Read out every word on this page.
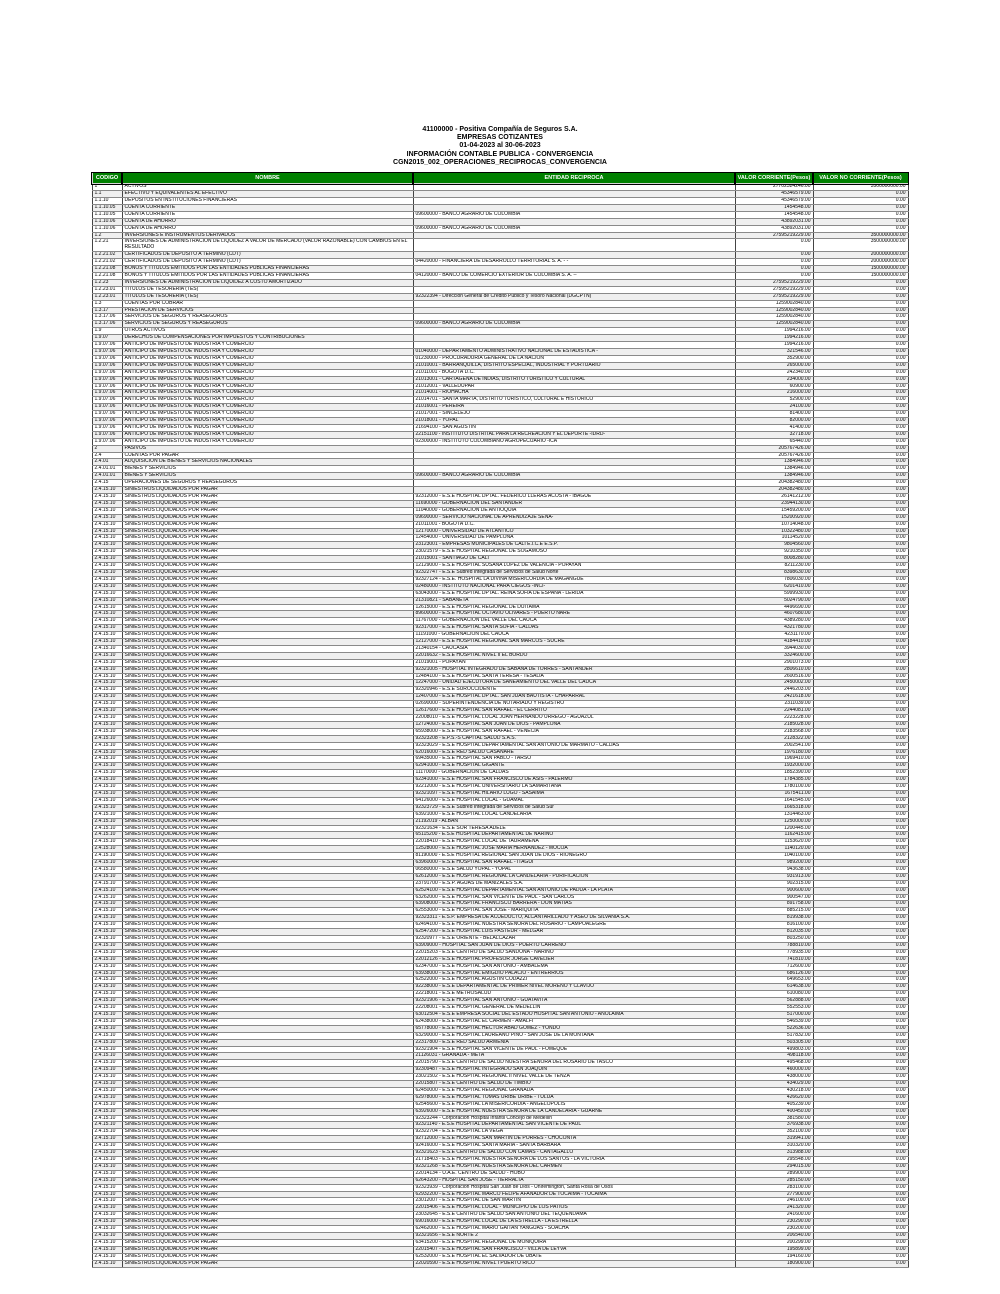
41100000 - Positiva Compañía de Seguros S.A.
EMPRESAS COTIZANTES
01-04-2023 al 30-06-2023
INFORMACIÓN CONTABLE PUBLICA - CONVERGENCIA
CGN2015_002_OPERACIONES_RECIPROCAS_CONVERGENCIA
CODIGO	NOMBRE	ENTIDAD RECIPROCA	VALOR CORRIENTE(Pesos)	VALOR NO CORRIENTE(Pesos)
1	ACTIVOS		27702324246.00	3500000000.00
1.1	EFECTIVO Y EQUIVALENTES AL EFECTIVO		45346579.00	0.00
1.1.10	DEPÓSITOS EN INSTITUCIONES FINANCIERAS		45346579.00	0.00
1.1.10.05	CUENTA CORRIENTE		1454548.00	0.00
1.1.10.05	CUENTA CORRIENTE	09600000 - BANCO AGRARIO DE COLOMBIA	1454548.00	0.00
1.1.10.06	CUENTA DE AHORRO		43892031.00	0.00
1.1.10.06	CUENTA DE AHORRO	09600000 - BANCO AGRARIO DE COLOMBIA	43892031.00	0.00
1.2	INVERSIONES E INSTRUMENTOS DERIVADOS		27595219229.00	3500000000.00
1.2.21	INVERSIONES DE ADMINISTRACIÓN DE LIQUIDEZ A VALOR DE MERCADO (VALOR RAZONABLE) CON CAMBIOS EN EL RESULTADO		0.00	3500000000.00
1.2.21.02	CERTIFICADOS DE DEPÓSITO A TERMINO (CDT)		0.00	2000000000.00
1.2.21.02	CERTIFICADOS DE DEPÓSITO A TERMINO (CDT)	04420000 - FINANCIERA DE DESARROLLO TERRITORIAL S. A. - -	0.00	2000000000.00
1.2.21.08	BONOS Y TITULOS EMITIDOS POR LAS ENTIDADES PÚBLICAS FINANCIERAS		0.00	1500000000.00
1.2.21.08	BONOS Y TITULOS EMITIDOS POR LAS ENTIDADES PÚBLICAS FINANCIERAS	04120000 - BANCO DE COMERCIO EXTERIOR DE COLOMBIA S. A. --	0.00	1500000000.00
1.2.23	INVERSIONES DE ADMINISTRACIÓN DE LIQUIDEZ A COSTO AMORTIZADO		27595219229.00	0.00
1.2.23.01	TITULOS DE TESORERIA (TES)		27595219229.00	0.00
1.2.23.01	TITULOS DE TESORERIA (TES)	92322394 - Dirección General de Crédito Público y Tesoro Nacional (DGCPTN)	27595219229.00	0.00
1.3	CUENTAS POR COBRAR		1259002840.00	0.00
1.3.17	PRESTACIÓN DE SERVICIOS		1259002840.00	0.00
1.3.17.06	SERVICIOS DE SEGUROS Y REASEGUROS		1259002840.00	0.00
1.3.17.06	SERVICIOS DE SEGUROS Y REASEGUROS	09600000 - BANCO AGRARIO DE COLOMBIA	1259002840.00	0.00
1.9	OTROS ACTIVOS		1994216.00	0.00
1.9.07	DERECHOS DE COMPENSACIONES POR IMPUESTOS Y CONTRIBUCIONES		1994216.00	0.00
1.9.07.06	ANTICIPO DE IMPUESTO DE INDUSTRIA Y COMERCIO		1994216.00	0.00
1.9.07.06	ANTICIPO DE IMPUESTO DE INDUSTRIA Y COMERCIO	01040000 - DEPARTAMENTO ADMINISTRATIVO NACIONAL DE ESTADISTICA -	321546.00	0.00
1.9.07.06	ANTICIPO DE IMPUESTO DE INDUSTRIA Y COMERCIO	01230000 - PROCURADURIA GENERAL DE LA NACION	352900.00	0.00
1.9.07.06	ANTICIPO DE IMPUESTO DE INDUSTRIA Y COMERCIO	21010001 - BARRANQUILLA, DISTRITO ESPECIAL, INDUSTRIAL Y PORTUARIO	265000.00	0.00
1.9.07.06	ANTICIPO DE IMPUESTO DE INDUSTRIA Y COMERCIO	21011001 - BOGOTÁ D.C.	242340.00	0.00
1.9.07.06	ANTICIPO DE IMPUESTO DE INDUSTRIA Y COMERCIO	21013001 - CARTAGENA DE INDIAS, DISTRITO TURISTICO Y CULTURAL	234000.00	0.00
1.9.07.06	ANTICIPO DE IMPUESTO DE INDUSTRIA Y COMERCIO	21012001 - VALLEDUPAR	60900.00	0.00
1.9.07.06	ANTICIPO DE IMPUESTO DE INDUSTRIA Y COMERCIO	21014001 - RIOHACHA	216000.00	0.00
1.9.07.06	ANTICIPO DE IMPUESTO DE INDUSTRIA Y COMERCIO	21014701 - SANTA MARTA, DISTRITO TURISTICO, CULTURAL E HISTORICO	52900.00	0.00
1.9.07.06	ANTICIPO DE IMPUESTO DE INDUSTRIA Y COMERCIO	21016001 - PEREIRA	24100.00	0.00
1.9.07.06	ANTICIPO DE IMPUESTO DE INDUSTRIA Y COMERCIO	21017001 - SINCELEJO	81400.00	0.00
1.9.07.06	ANTICIPO DE IMPUESTO DE INDUSTRIA Y COMERCIO	21018001 - YOPAL	82000.00	0.00
1.9.07.06	ANTICIPO DE IMPUESTO DE INDUSTRIA Y COMERCIO	21694100 - SAN AGUSTIN	41400.00	0.00
1.9.07.06	ANTICIPO DE IMPUESTO DE INDUSTRIA Y COMERCIO	22151100 - INSTITUTO DISTRITAL PARA LA RECREACIÓN Y EL DEPORTE -IDRD-	32718.00	0.00
1.9.07.06	ANTICIPO DE IMPUESTO DE INDUSTRIA Y COMERCIO	02300000 - INSTITUTO COLOMBIANO AGROPECUARIO -ICA	65440.00	0.00
2	PASIVOS		205767426.00	0.00
2.4	CUENTAS POR PAGAR		205767426.00	0.00
2.4.01	ADQUISICIÓN DE BIENES Y SERVICIOS NACIONALES		1384946.00	0.00
2.4.01.01	BIENES Y SERVICIOS		1384946.00	0.00
2.4.01.01	BIENES Y SERVICIOS	09600000 - BANCO AGRARIO DE COLOMBIA	1384946.00	0.00
2.4.15	OPERACIONES DE SEGUROS Y REASEGUROS		204382480.00	0.00
2.4.15.10	SINIESTROS LIQUIDADOS POR PAGAR		204382480.00	0.00
2.4.15.10	SINIESTROS LIQUIDADOS POR PAGAR	92312000 - E.S.E HOSPITAL DPTAL. FEDERICO LLERAS ACOSTA - IBAGUE	26141212.00	0.00
2.4.15.10	SINIESTROS LIQUIDADOS POR PAGAR	11690000 - GOBERNACIÓN DEL SANTANDER	23944130.00	0.00
2.4.15.10	SINIESTROS LIQUIDADOS POR PAGAR	11040000 - GOBERNACIÓN DE ANTIOQUIA	15459200.00	0.00
2.4.15.10	SINIESTROS LIQUIDADOS POR PAGAR	09690000 - SERVICIO NACIONAL DE APRENDIZAJE SENA-	15200920.00	0.00
2.4.15.10	SINIESTROS LIQUIDADOS POR PAGAR	21011001 - BOGOTÁ D.C.	10714048.00	0.00
2.4.15.10	SINIESTROS LIQUIDADOS POR PAGAR	12170000 - UNIVERSIDAD DE ATLÁNTICO	10322480.00	0.00
2.4.15.10	SINIESTROS LIQUIDADOS POR PAGAR	12454000 - UNIVERSIDAD DE PAMPLONA	10114520.00	0.00
2.4.15.10	SINIESTROS LIQUIDADOS POR PAGAR	23123001 - EMPRESAS MUNICIPALES DE CALI E.I.C.E E.S.P.	9804560.00	0.00
2.4.15.10	SINIESTROS LIQUIDADOS POR PAGAR	23021579 - E.S.E HOSPITAL REGIONAL DE SOGAMOSO	9210350.00	0.00
2.4.15.10	SINIESTROS LIQUIDADOS POR PAGAR	21015001 - SANTIAGO DE CALI	8008280.00	0.00
2.4.15.10	SINIESTROS LIQUIDADOS POR PAGAR	12129000 - E.S.E HOSPITAL SUSANA LOPEZ DE VALENCIA - POPAYAN	8211230.00	0.00
2.4.15.10	SINIESTROS LIQUIDADOS POR PAGAR	92322747 - E.S.E Subred Integrada de Servicios de Salud Norte	8398630.00	0.00
2.4.15.10	SINIESTROS LIQUIDADOS POR PAGAR	92327124 - E.S.E. HOSPITAL LA DIVINA MISERICORDIA DE MAGANGUE	7806030.00	0.00
2.4.15.10	SINIESTROS LIQUIDADOS POR PAGAR	02480000 - INSTITUTO NACIONAL PARA CIEGOS -INCI-	6201410.00	0.00
2.4.15.10	SINIESTROS LIQUIDADOS POR PAGAR	63043000 - E.S.E HOSPITAL DPTAL. REINA SOFIA DE ESPAÑA - LERIDA	5999930.00	0.00
2.4.15.10	SINIESTROS LIQUIDADOS POR PAGAR	21310821 - SABANETA	5024790.00	0.00
2.4.15.10	SINIESTROS LIQUIDADOS POR PAGAR	12615000 - E.S.E HOSPITAL REGIONAL DE DUITAMA	4496690.00	0.00
2.4.15.10	SINIESTROS LIQUIDADOS POR PAGAR	89600000 - E.S.E HOSPITAL OCTAVIO OLIVARES - PUERTO NARE	4607680.00	0.00
2.4.15.10	SINIESTROS LIQUIDADOS POR PAGAR	11767000 - GOBERNACIÓN DEL VALLE DEL CAUCA	4389280.00	0.00
2.4.15.10	SINIESTROS LIQUIDADOS POR PAGAR	92317000 - E.S.E HOSPITAL SANTA SOFIA - CALDAS	4321780.00	0.00
2.4.15.10	SINIESTROS LIQUIDADOS POR PAGAR	11191000 - GOBERNACIÓN DEL CAUCA	4231170.00	0.00
2.4.15.10	SINIESTROS LIQUIDADOS POR PAGAR	12127000 - E.S.E HOSPITAL REGIONAL SAN MARCOS - SUCRE	4184410.00	0.00
2.4.15.10	SINIESTROS LIQUIDADOS POR PAGAR	21340154 - CAUCASIA	3944030.00	0.00
2.4.15.10	SINIESTROS LIQUIDADOS POR PAGAR	22016632 - E.S.E HOSPITAL NIVEL II EL BORDO	3324600.00	0.00
2.4.15.10	SINIESTROS LIQUIDADOS POR PAGAR	21019001 - POPAYÁN	2901073.00	0.00
2.4.15.10	SINIESTROS LIQUIDADOS POR PAGAR	92321005 - HOSPITAL INTEGRADO DE SABANA DE TORRES - SANTANDER	2806610.00	0.00
2.4.15.10	SINIESTROS LIQUIDADOS POR PAGAR	12484100 - E.S.E HOSPITAL SANTA TERESA - TESALIA	2600516.00	0.00
2.4.15.10	SINIESTROS LIQUIDADOS POR PAGAR	12247000 - UNIDAD EJECUTORA DE SANEAMIENTO DEL VALLE DEL CAUCA	2450002.00	0.00
2.4.15.10	SINIESTROS LIQUIDADOS POR PAGAR	92320946 - E.S.E SUROCCIDENTE	2446203.00	0.00
2.4.15.10	SINIESTROS LIQUIDADOS POR PAGAR	12407000 - E.S.E HOSPITAL DPTAL. SAN JUAN BAUTISTA - CHAPARRAL	2421618.00	0.00
2.4.15.10	SINIESTROS LIQUIDADOS POR PAGAR	02690000 - SUPERINTENDENCIA DE NOTARIADO Y REGISTRO	2311039.00	0.00
2.4.15.10	SINIESTROS LIQUIDADOS POR PAGAR	12617600 - E.S.E HOSPITAL SAN RAFAEL - EL CERRITO	2244081.00	0.00
2.4.15.10	SINIESTROS LIQUIDADOS POR PAGAR	22008010 - E.S.E HOSPITAL LOCAL JUAN HERNANDO URREGO - AGUAZUL	2223228.00	0.00
2.4.15.10	SINIESTROS LIQUIDADOS POR PAGAR	12724000 - E.S.E HOSPITAL SAN JUAN DE DIOS - PAMPLONA	2185028.00	0.00
2.4.15.10	SINIESTROS LIQUIDADOS POR PAGAR	65938000 - E.S.E HOSPITAL SAN RAFAEL - VENECIA	2183568.00	0.00
2.4.15.10	SINIESTROS LIQUIDADOS POR PAGAR	92323208 - E.P.S.-S CAPITAL SALUD S.A.S.	2128322.00	0.00
2.4.15.10	SINIESTROS LIQUIDADOS POR PAGAR	92323029 - E.S.E HOSPITAL DEPARTAMENTAL SAN ANTONIO DE MARMATO - CALDAS	2002541.00	0.00
2.4.15.10	SINIESTROS LIQUIDADOS POR PAGAR	62016000 - E.S.E RED SALUD CASANARE	1976180.00	0.00
2.4.15.10	SINIESTROS LIQUIDADOS POR PAGAR	69435000 - E.S.E HOSPITAL SAN PABLO - TARSO	1969410.00	0.00
2.4.15.10	SINIESTROS LIQUIDADOS POR PAGAR	62941000 - E.S.E HOSPITAL GIGANTE	1932000.00	0.00
2.4.15.10	SINIESTROS LIQUIDADOS POR PAGAR	11170000 - GOBERNACIÓN DE CALDAS	1852390.00	0.00
2.4.15.10	SINIESTROS LIQUIDADOS POR PAGAR	62341000 - E.S.E HOSPITAL SAN FRANCISCO DE ASIS - PALERMO	1784385.00	0.00
2.4.15.10	SINIESTROS LIQUIDADOS POR PAGAR	92212000 - E.S.E HOSPITAL UNIVERSITARIO LA SAMARITANA	1780100.00	0.00
2.4.15.10	SINIESTROS LIQUIDADOS POR PAGAR	92321097 - E.S.E HOSPITAL HILARIO LUGO - SASAIMA	1675411.00	0.00
2.4.15.10	SINIESTROS LIQUIDADOS POR PAGAR	64126000 - E.S.E HOSPITAL LOCAL - GUAMAL	1641545.00	0.00
2.4.15.10	SINIESTROS LIQUIDADOS POR PAGAR	92323729 - E.S.E Subred Integrada de Servicios de Salud Sur	1665318.00	0.00
2.4.15.10	SINIESTROS LIQUIDADOS POR PAGAR	63921000 - E.S.E HOSPITAL LOCAL CANDELARIA	1314463.00	0.00
2.4.15.10	SINIESTROS LIQUIDADOS POR PAGAR	21192019 - ALBÁN	1250000.00	0.00
2.4.15.10	SINIESTROS LIQUIDADOS POR PAGAR	92321634 - E.S.E SOR TERESA ADELE	1200445.00	0.00
2.4.15.10	SINIESTROS LIQUIDADOS POR PAGAR	65115200 - E.S.E HOSPITAL DEPARTAMENTAL DE NARIÑO	1162415.00	0.00
2.4.15.10	SINIESTROS LIQUIDADOS POR PAGAR	22018410 - E.S.E HOSPITAL LOCAL DE TAURAMENA	1153620.00	0.00
2.4.15.10	SINIESTROS LIQUIDADOS POR PAGAR	12528000 - E.S.E HOSPITAL JOSE MARIA HERNÁNDEZ - MOCOA	1140120.00	0.00
2.4.15.10	SINIESTROS LIQUIDADOS POR PAGAR	81190000 - E.S.E HOSPITAL REGIONAL SAN JUAN DE DIOS - RIONEGRO	1040100.00	0.00
2.4.15.10	SINIESTROS LIQUIDADOS POR PAGAR	63960000 - E.S.E HOSPITAL SAN RAFAEL - ITAGUI	989200.00	0.00
2.4.15.10	SINIESTROS LIQUIDADOS POR PAGAR	06580000 - E.S.E SALUD YOPAL - YOPAL	943638.00	0.00
2.4.15.10	SINIESTROS LIQUIDADOS POR PAGAR	62612000 - E.S.E HOSPITAL REGIONAL LA CANDELARIA - PURIFICACION	931913.00	0.00
2.4.15.10	SINIESTROS LIQUIDADOS POR PAGAR	23791700 - E.S.P. AGUAS DE MANIZALES S.A.	902315.00	0.00
2.4.15.10	SINIESTROS LIQUIDADOS POR PAGAR	62524100 - E.S.E HOSPITAL DEPARTAMENTAL SAN ANTONIO DE PADUA - LA PLATA	900600.00	0.00
2.4.15.10	SINIESTROS LIQUIDADOS POR PAGAR	63262000 - E.S.E HOSPITAL SAN VICENTE DE PAUL - SAN CARLOS	900547.00	0.00
2.4.15.10	SINIESTROS LIQUIDADOS POR PAGAR	63908000 - E.S.E HOSPITAL FRANCISCO BARRERA - DON MATIAS	891758.00	0.00
2.4.15.10	SINIESTROS LIQUIDADOS POR PAGAR	62553000 - E.S.E HOSPITAL SAN JOSE - MARIQUITA	885215.00	0.00
2.4.15.10	SINIESTROS LIQUIDADOS POR PAGAR	92323311 - E.S.P. EMPRESA DE ACUEDUCTO, ALCANTARILLADO Y ASEO DE SILVANIA S.A.	819938.00	0.00
2.4.15.10	SINIESTROS LIQUIDADOS POR PAGAR	62494100 - E.S.E HOSPITAL NUESTRA SEÑORA DEL ROSARIO - CAMPOALEGRE	816100.00	0.00
2.4.15.10	SINIESTROS LIQUIDADOS POR PAGAR	62547200 - E.S.E HOSPITAL LUIS PASTEUR - MELGAR	812035.00	0.00
2.4.15.10	SINIESTROS LIQUIDADOS POR PAGAR	92320977 - E.S.E ORIENTE - BELALCAZAR	803250.00	0.00
2.4.15.10	SINIESTROS LIQUIDADOS POR PAGAR	63909000 - HOSPITAL SAN JUAN DE DIOS - PUERTO CARREÑO	788810.00	0.00
2.4.15.10	SINIESTROS LIQUIDADOS POR PAGAR	22015203 - E.S.E CENTRO DE SALUD SANDONA - NARIÑO	778935.00	0.00
2.4.15.10	SINIESTROS LIQUIDADOS POR PAGAR	22012126 - E.S.E HOSPITAL PROFESOR JORGE CAVELIER	741810.00	0.00
2.4.15.10	SINIESTROS LIQUIDADOS POR PAGAR	62347000 - E.S.E HOSPITAL SAN ANTONIO - AMBALEMA	712600.00	0.00
2.4.15.10	SINIESTROS LIQUIDADOS POR PAGAR	63938000 - E.S.E HOSPITAL EMIGDIO PALACIO - ENTRERRIOS	686126.00	0.00
2.4.15.10	SINIESTROS LIQUIDADOS POR PAGAR	62522000 - E.S.E HOSPITAL AGUSTIN CODAZZI	649653.00	0.00
2.4.15.10	SINIESTROS LIQUIDADOS POR PAGAR	92238000 - E.S.E DEPARTAMENTAL DE PRIMER NIVEL MORENO Y CLAVIJO	614638.00	0.00
2.4.15.10	SINIESTROS LIQUIDADOS POR PAGAR	22218001 - E.S.E METROSALUD	610080.00	0.00
2.4.15.10	SINIESTROS LIQUIDADOS POR PAGAR	92321906 - E.S.E HOSPITAL SAN ANTONIO - GUATAVITA	562888.00	0.00
2.4.15.10	SINIESTROS LIQUIDADOS POR PAGAR	22208001 - E.S.E HOSPITAL GENERAL DE MEDELLÍN	552553.00	0.00
2.4.15.10	SINIESTROS LIQUIDADOS POR PAGAR	63012504 - E.S.E EMPRESA SOCIAL DEL ESTADO HOSPITAL SAN ANTONIO - ANOLAIMA	517000.00	0.00
2.4.15.10	SINIESTROS LIQUIDADOS POR PAGAR	62438000 - E.S.E HOSPITAL EL CARMEN - AMALFI	546539.00	0.00
2.4.15.10	SINIESTROS LIQUIDADOS POR PAGAR	65778000 - E.S.E HOSPITAL HECTOR ABAD GOMEZ - YONDO	522636.00	0.00
2.4.15.10	SINIESTROS LIQUIDADOS POR PAGAR	63290000 - E.S.E HOSPITAL LAUREANO PINO - SAN JOSÉ DE LA MONTAÑA	517832.00	0.00
2.4.15.10	SINIESTROS LIQUIDADOS POR PAGAR	22317800 - E.S.E RED SALUD ARMENIA	503305.00	0.00
2.4.15.10	SINIESTROS LIQUIDADOS POR PAGAR	92321904 - E.S.E HOSPITAL SAN VICENTE DE PAUL - FOMEQUE	499803.00	0.00
2.4.15.10	SINIESTROS LIQUIDADOS POR PAGAR	21126031 - GRANADA - META	498118.00	0.00
2.4.15.10	SINIESTROS LIQUIDADOS POR PAGAR	22015790 - E.S.E CENTRO DE SALUD NUESTRA SEÑORA DEL ROSARIO DE TASCO	495468.00	0.00
2.4.15.10	SINIESTROS LIQUIDADOS POR PAGAR	92309487 - E.S.E HOSPITAL INTEGRADO SAN JOAQUIN	460000.00	0.00
2.4.15.10	SINIESTROS LIQUIDADOS POR PAGAR	23021502 - E.S.E HOSPITAL REGIONAL II NIVEL VALLE DE TENZA	438000.00	0.00
2.4.15.10	SINIESTROS LIQUIDADOS POR PAGAR	22015807 - E.S.E CENTRO DE SALUD DE TIMBIO	434029.00	0.00
2.4.15.10	SINIESTROS LIQUIDADOS POR PAGAR	62450000 - E.S.E HOSPITAL REGIONAL GRANADA	430218.00	0.00
2.4.15.10	SINIESTROS LIQUIDADOS POR PAGAR	62978000 - E.S.E HOSPITAL TOMAS URIBE URIBE - TULUA	426620.00	0.00
2.4.15.10	SINIESTROS LIQUIDADOS POR PAGAR	62545600 - E.S.E HOSPITAL LA MISERICORDIA - ANGELÓPOLIS	405239.00	0.00
2.4.15.10	SINIESTROS LIQUIDADOS POR PAGAR	63926000 - E.S.E HOSPITAL NUESTRA SEÑORA DE LA CANDELARIA - GUARNE	400450.00	0.00
2.4.15.10	SINIESTROS LIQUIDADOS POR PAGAR	92323244 - Corporación Hospital Infantil Concejo de Medellín	381580.00	0.00
2.4.15.10	SINIESTROS LIQUIDADOS POR PAGAR	92321140 - E.S.E HOSPITAL DEPARTAMENTAL SAN VICENTE DE PAUL	376938.00	0.00
2.4.15.10	SINIESTROS LIQUIDADOS POR PAGAR	92322704 - E.S.E HOSPITAL LA VEGA	352100.00	0.00
2.4.15.10	SINIESTROS LIQUIDADOS POR PAGAR	92712000 - E.S.E HOSPITAL SAN MARTIN DE PORRES - CHOCONTA	319941.00	0.00
2.4.15.10	SINIESTROS LIQUIDADOS POR PAGAR	92416000 - E.S.E HOSPITAL SANTA MARIA - SANTA BARBARA	310320.00	0.00
2.4.15.10	SINIESTROS LIQUIDADOS POR PAGAR	92321623 - E.S.E CENTRO DE SALUD CON CAMAS - CANTAGALLO	313988.00	0.00
2.4.15.10	SINIESTROS LIQUIDADOS POR PAGAR	21718403 - E.S.E HOSPITAL NUESTRA SEÑORA DE LOS SANTOS - LA VICTORIA	295548.00	0.00
2.4.15.10	SINIESTROS LIQUIDADOS POR PAGAR	92321268 - E.S.E HOSPITAL NUESTRA SEÑORA DEL CARMEN	294015.00	0.00
2.4.15.10	SINIESTROS LIQUIDADOS POR PAGAR	22014134 - U.A.E. CENTRO DE SALUD - HOBO	289900.00	0.00
2.4.15.10	SINIESTROS LIQUIDADOS POR PAGAR	62643200 - HOSPITAL SAN JOSE - TIERRALTA	285150.00	0.00
2.4.15.10	SINIESTROS LIQUIDADOS POR PAGAR	92323939 - Corporación Hospital San Juan de Dios - Uniremington, Santa Rosa de Osos	283100.00	0.00
2.4.15.10	SINIESTROS LIQUIDADOS POR PAGAR	62932200 - E.S.E HOSPITAL MARCO FELIPE AFANADOR DE TOCAIMA - TOCAIMA	277900.00	0.00
2.4.15.10	SINIESTROS LIQUIDADOS POR PAGAR	23012007 - E.S.E HOSPITAL DE SAN MARTIN	246100.00	0.00
2.4.15.10	SINIESTROS LIQUIDADOS POR PAGAR	22015406 - E.S.E HOSPITAL LOCAL - MUNICIPIO DE LOS PATIOS	241320.00	0.00
2.4.15.10	SINIESTROS LIQUIDADOS POR PAGAR	23032645 - E.S.E CENTRO DE SALUD SAN ANTONIO DEL TEQUENDAMA	241600.00	0.00
2.4.15.10	SINIESTROS LIQUIDADOS POR PAGAR	69016000 - E.S.E HOSPITAL LOCAL DE LA ESTRELLA - LA ESTRELLA	230290.00	0.00
2.4.15.10	SINIESTROS LIQUIDADOS POR PAGAR	62462000 - E.S.E HOSPITAL MARIO GAITAN YANGUAS - SOACHA	230200.00	0.00
2.4.15.10	SINIESTROS LIQUIDADOS POR PAGAR	92321656 - E.S.E NORTE 2	206540.00	0.00
2.4.15.10	SINIESTROS LIQUIDADOS POR PAGAR	63415200 - E.S.E HOSPITAL REGIONAL DE MONIQUIRÁ	200299.00	0.00
2.4.15.10	SINIESTROS LIQUIDADOS POR PAGAR	22015407 - E.S.E HOSPITAL SAN FRANCISCO - VILLA DE LEYVA	195899.00	0.00
2.4.15.10	SINIESTROS LIQUIDADOS POR PAGAR	62532000 - E.S.E HOSPITAL EL SALVADOR DE UBATE	194160.00	0.00
2.4.15.10	SINIESTROS LIQUIDADOS POR PAGAR	22020590 - E.S.E HOSPITAL NIVEL I PUERTO RICO	180900.00	0.00
